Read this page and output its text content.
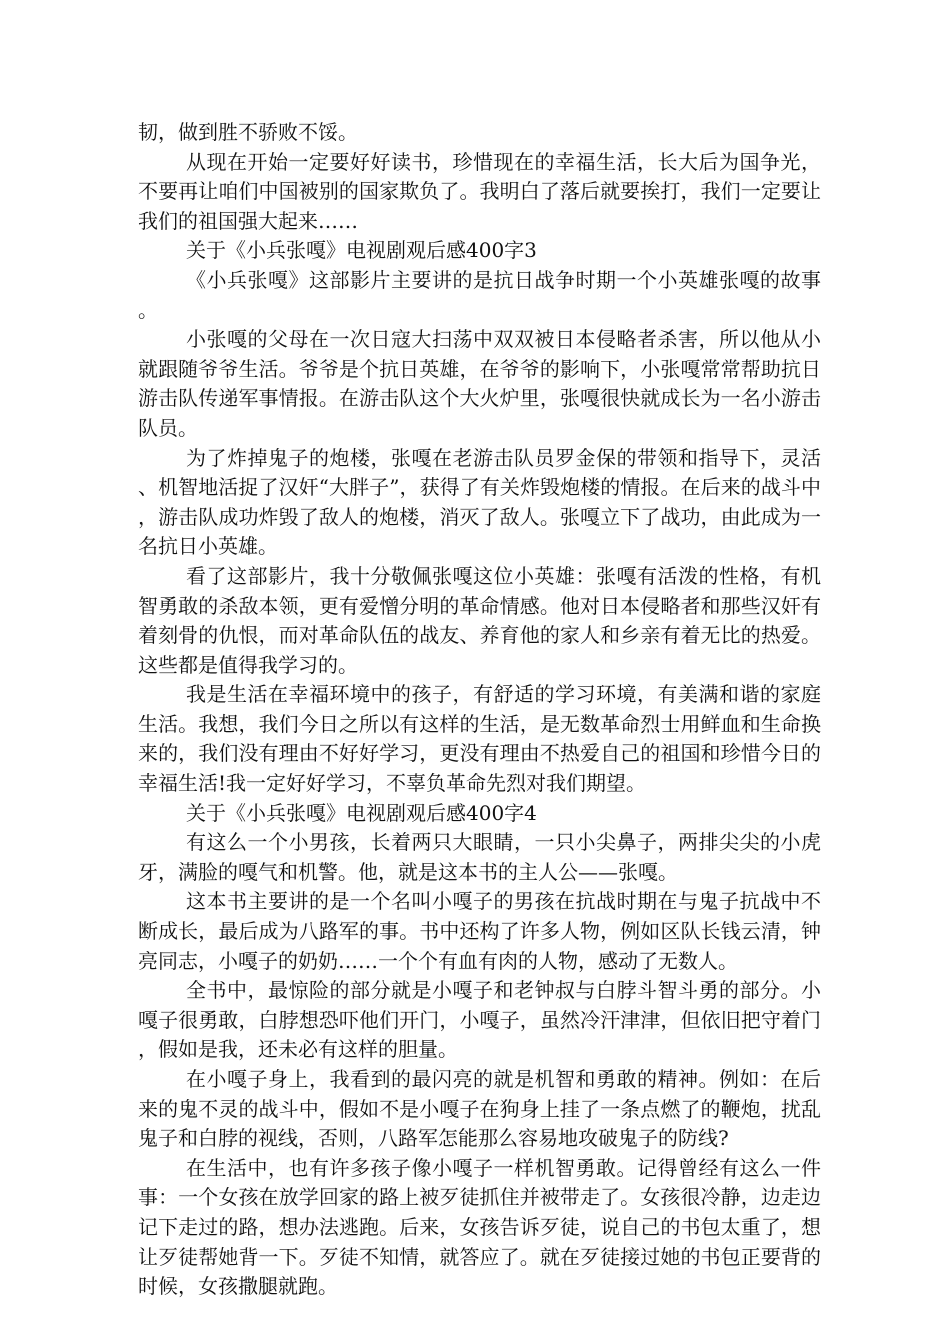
韧，做到胜不骄败不馁。

从现在开始一定要好好读书，珍惜现在的幸福生活，长大后为国争光，不要再让咱们中国被别的国家欺负了。我明白了落后就要挨打，我们一定要让我们的祖国强大起来……

关于《小兵张嘎》电视剧观后感400字3

《小兵张嘎》这部影片主要讲的是抗日战争时期一个小英雄张嘎的故事。

小张嘎的父母在一次日寇大扫荡中双双被日本侵略者杀害，所以他从小就跟随爷爷生活。爷爷是个抗日英雄，在爷爷的影响下，小张嘎常常帮助抗日游击队传递军事情报。在游击队这个大火炉里，张嘎很快就成长为一名小游击队员。

为了炸掉鬼子的炮楼，张嘎在老游击队员罗金保的带领和指导下，灵活、机智地活捉了汉奸“大胖子”，获得了有关炸毁炮楼的情报。在后来的战斗中，游击队成功炸毁了敌人的炮楼，消灭了敌人。张嘎立下了战功，由此成为一名抗日小英雄。

看了这部影片，我十分敬佩张嘎这位小英雄：张嘎有活泼的性格，有机智勇敢的杀敌本领，更有爱憎分明的革命情感。他对日本侵略者和那些汉奸有着刻骨的仇恨，而对革命队伍的战友、养育他的家人和乡亲有着无比的热爱。这些都是值得我学习的。

我是生活在幸福环境中的孩子，有舒适的学习环境，有美满和谐的家庭生活。我想，我们今日之所以有这样的生活，是无数革命烈士用鲜血和生命换来的，我们没有理由不好好学习，更没有理由不热爱自己的祖国和珍惜今日的幸福生活!我一定好好学习，不辜负革命先烈对我们期望。

关于《小兵张嘎》电视剧观后感400字4

有这么一个小男孩，长着两只大眼睛，一只小尖鼻子，两排尖尖的小虎牙，满脸的嘎气和机警。他，就是这本书的主人公——张嘎。

这本书主要讲的是一个名叫小嘎子的男孩在抗战时期在与鬼子抗战中不断成长，最后成为八路军的事。书中还构了许多人物，例如区队长钱云清，钟亮同志，小嘎子的奶奶……一个个有血有肉的人物，感动了无数人。

全书中，最惊险的部分就是小嘎子和老钟叔与白脖斗智斗勇的部分。小嘎子很勇敢，白脖想恐吓他们开门，小嘎子，虽然冷汗津津，但依旧把守着门，假如是我，还未必有这样的胆量。

在小嘎子身上，我看到的最闪亮的就是机智和勇敢的精神。例如：在后来的鬼不灵的战斗中，假如不是小嘎子在狗身上挂了一条点燃了的鞭炮，扰乱鬼子和白脖的视线，否则，八路军怎能那么容易地攻破鬼子的防线?

在生活中，也有许多孩子像小嘎子一样机智勇敢。记得曾经有这么一件事：一个女孩在放学回家的路上被歹徒抓住并被带走了。女孩很冷静，边走边记下走过的路，想办法逃跑。后来，女孩告诉歹徒，说自己的书包太重了，想让歹徒帮她背一下。歹徒不知情，就答应了。就在歹徒接过她的书包正要背的时候，女孩撒腿就跑。
